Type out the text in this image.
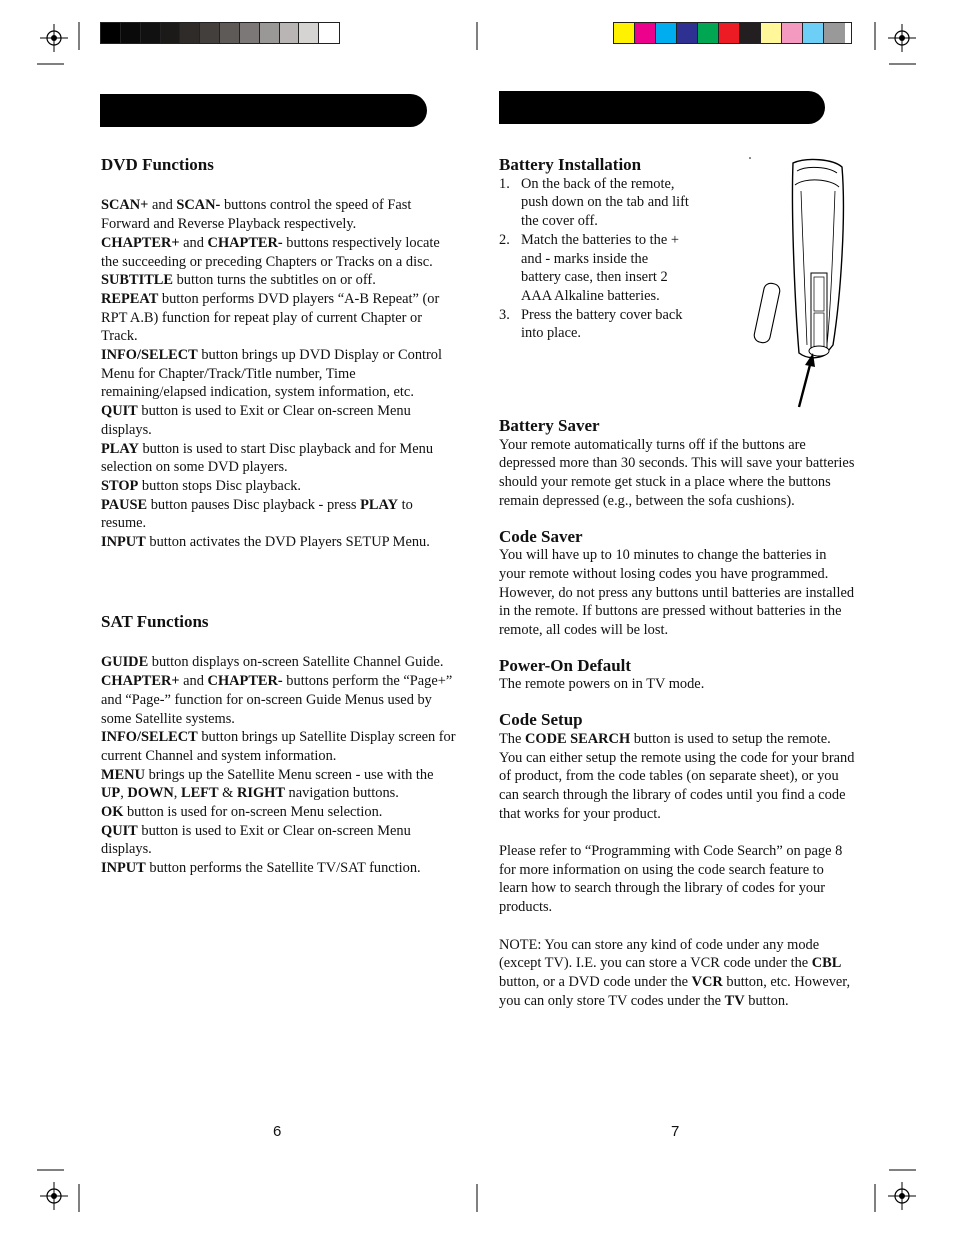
DVD Functions

SCAN+ and SCAN- buttons control the speed of Fast Forward and Reverse Playback respectively.

CHAPTER+ and CHAPTER- buttons respectively locate the succeeding or preceding Chapters or Tracks on a disc.

SUBTITLE button turns the subtitles on or off.

REPEAT button performs DVD players “A-B Repeat” (or RPT A.B) function for repeat play of current Chapter or Track.

INFO/SELECT button brings up DVD Display or Control Menu for Chapter/Track/Title number, Time remaining/elapsed indication, system information, etc.

QUIT button is used to Exit or Clear on-screen Menu displays.

PLAY button is used to start Disc playback and for Menu selection on some DVD players.

STOP button stops Disc playback.

PAUSE button pauses Disc playback - press PLAY to resume.

INPUT button activates the DVD Players SETUP Menu.

SAT Functions

GUIDE button displays on-screen Satellite Channel Guide.

CHAPTER+ and CHAPTER- buttons perform the “Page+” and “Page-” function for on-screen Guide Menus used by some Satellite systems.

INFO/SELECT button brings up Satellite Display screen for current Channel and system information.

MENU brings up the Satellite Menu screen - use with the UP, DOWN, LEFT & RIGHT navigation buttons.

OK button is used for on-screen Menu selection.

QUIT button is used to Exit or Clear on-screen Menu displays.

INPUT button performs the Satellite TV/SAT function.

6

Battery Installation

1. On the back of the remote, push down on the tab and lift the cover off.
2. Match the batteries to the + and - marks inside the battery case, then insert 2 AAA Alkaline batteries.
3. Press the battery cover back into place.

Battery Saver

Your remote automatically turns off if the buttons are depressed more than 30 seconds. This will save your batteries should your remote get stuck in a place where the buttons remain depressed (e.g., between the sofa cushions).

Code Saver

You will have up to 10 minutes to change the batteries in your remote without losing codes you have programmed. However, do not press any buttons until batteries are installed in the remote. If buttons are pressed without batteries in the remote, all codes will be lost.

Power-On Default

The remote powers on in TV mode.

Code Setup

The CODE SEARCH button is used to setup the remote. You can either setup the remote using the code for your brand of product, from the code tables (on separate sheet), or you can search through the library of codes until you find a code that works for your product.

Please refer to “Programming with Code Search” on page 8 for more information on using the code search feature to learn how to search through the library of codes for your products.

NOTE: You can store any kind of code under any mode (except TV). I.E. you can store a VCR code under the CBL button, or a DVD code under the VCR button, etc. However, you can only store TV codes under the TV button.

7
